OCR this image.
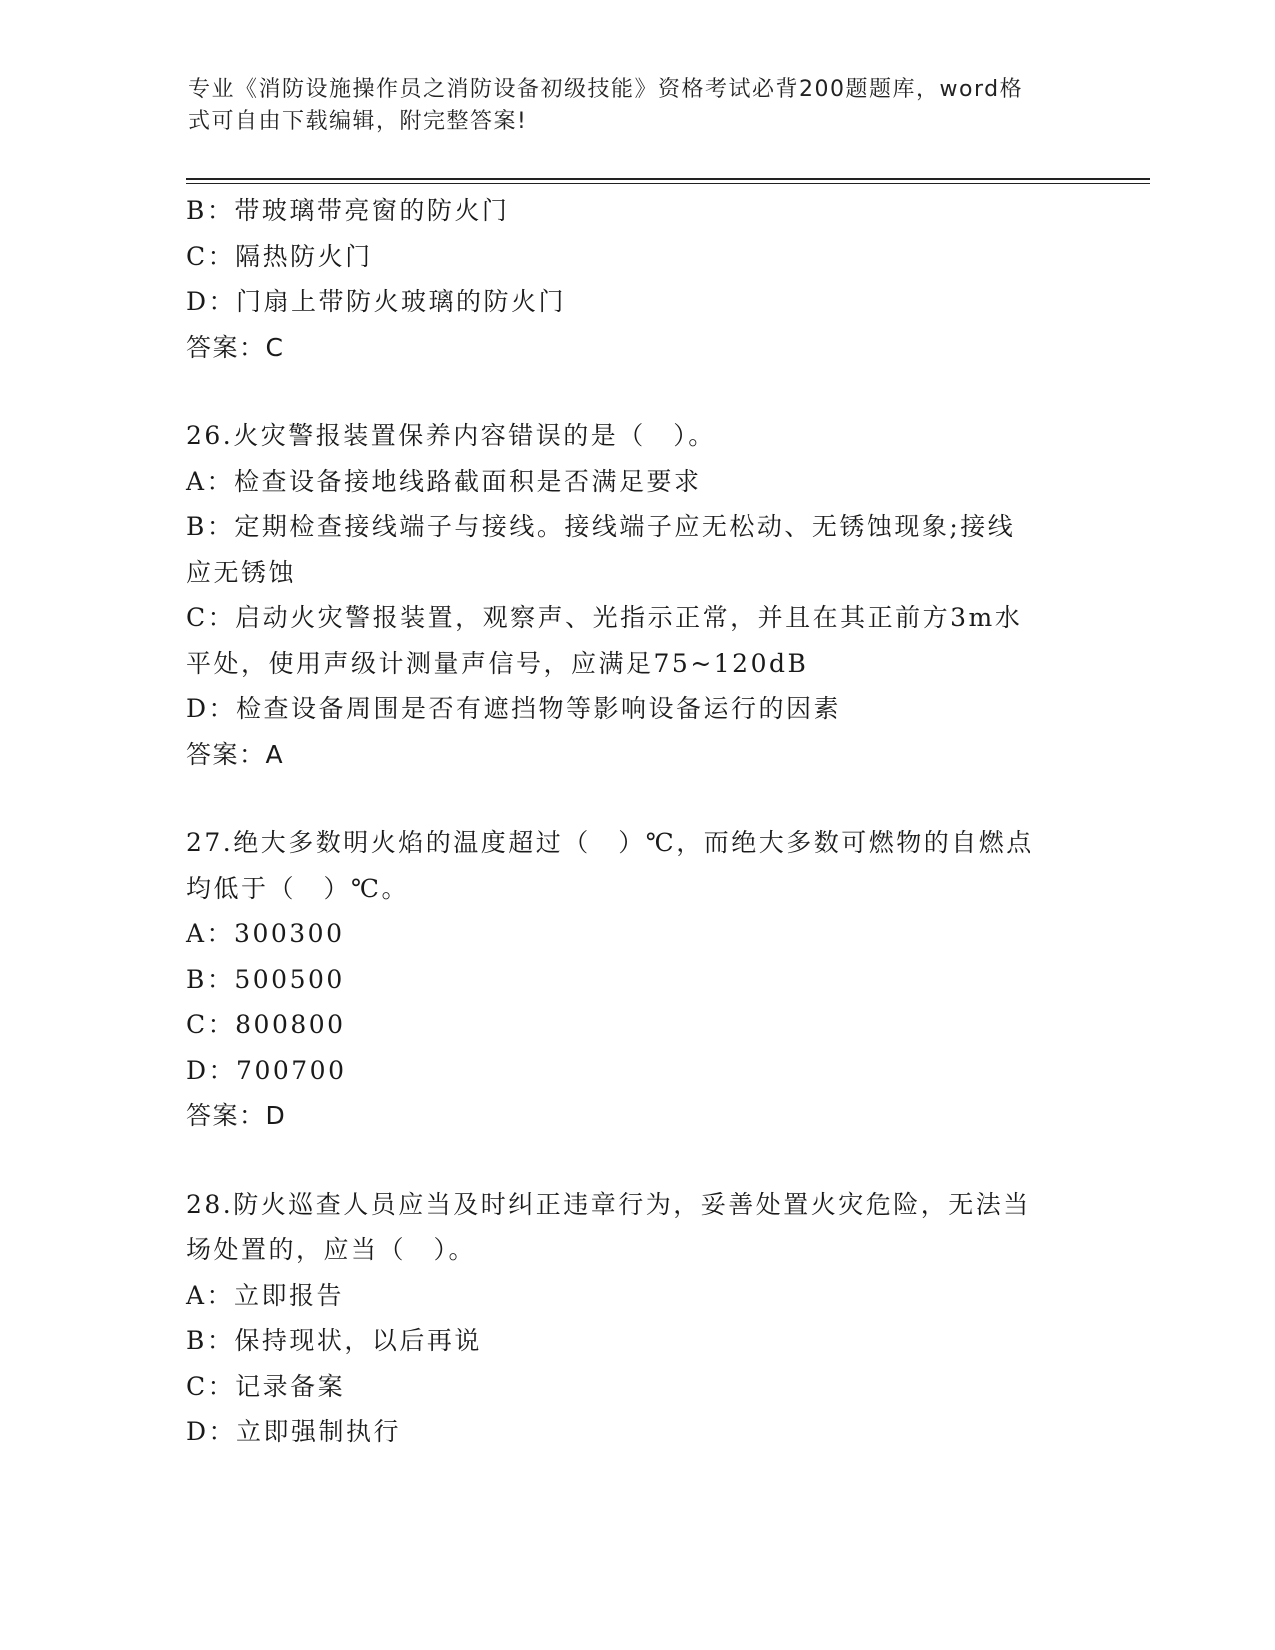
专业《消防设施操作员之消防设备初级技能》资格考试必背200题题库，word格
式可自由下载编辑，附完整答案!
B：带玻璃带亮窗的防火门
C：隔热防火门
D：门扇上带防火玻璃的防火门
答案：C
26.火灾警报装置保养内容错误的是（　）。
A：检查设备接地线路截面积是否满足要求
B：定期检查接线端子与接线。接线端子应无松动、无锈蚀现象;接线
应无锈蚀
C：启动火灾警报装置，观察声、光指示正常，并且在其正前方3m水
平处，使用声级计测量声信号，应满足75~120dB
D：检查设备周围是否有遮挡物等影响设备运行的因素
答案：A
27.绝大多数明火焰的温度超过（　）℃，而绝大多数可燃物的自燃点
均低于（　）℃。
A：300300
B：500500
C：800800
D：700700
答案：D
28.防火巡查人员应当及时纠正违章行为，妥善处置火灾危险，无法当
场处置的，应当（　）。
A：立即报告
B：保持现状，以后再说
C：记录备案
D：立即强制执行
